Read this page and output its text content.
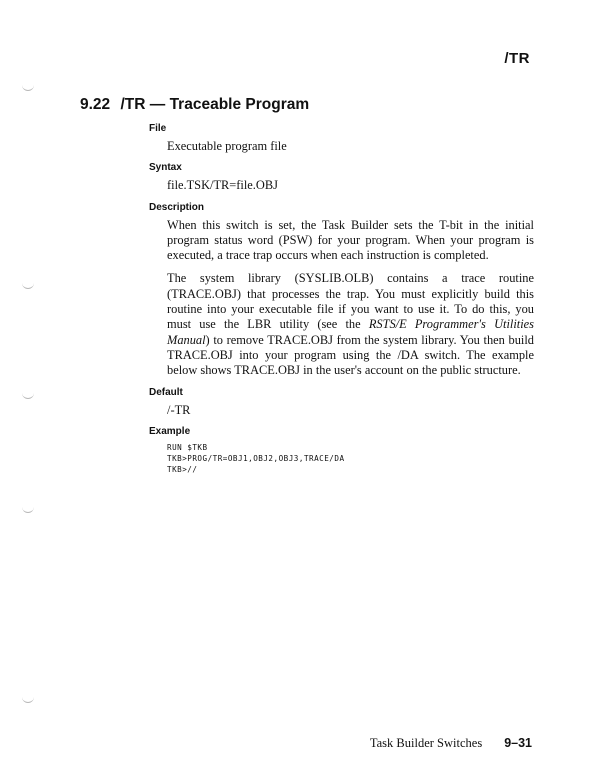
/TR
9.22 /TR — Traceable Program
File

Executable program file

Syntax

file.TSK/TR=file.OBJ

Description

When this switch is set, the Task Builder sets the T-bit in the initial program status word (PSW) for your program. When your program is executed, a trace trap occurs when each instruction is completed.

The system library (SYSLIB.OLB) contains a trace routine (TRACE.OBJ) that processes the trap. You must explicitly build this routine into your executable file if you want to use it. To do this, you must use the LBR utility (see the RSTS/E Programmer's Utilities Manual) to remove TRACE.OBJ from the system library. You then build TRACE.OBJ into your program using the /DA switch. The example below shows TRACE.OBJ in the user's account on the public structure.

Default

/-TR

Example
RUN $TKB
TKB>PROG/TR=OBJ1,OBJ2,OBJ3,TRACE/DA
TKB>//
Task Builder Switches 9–31
